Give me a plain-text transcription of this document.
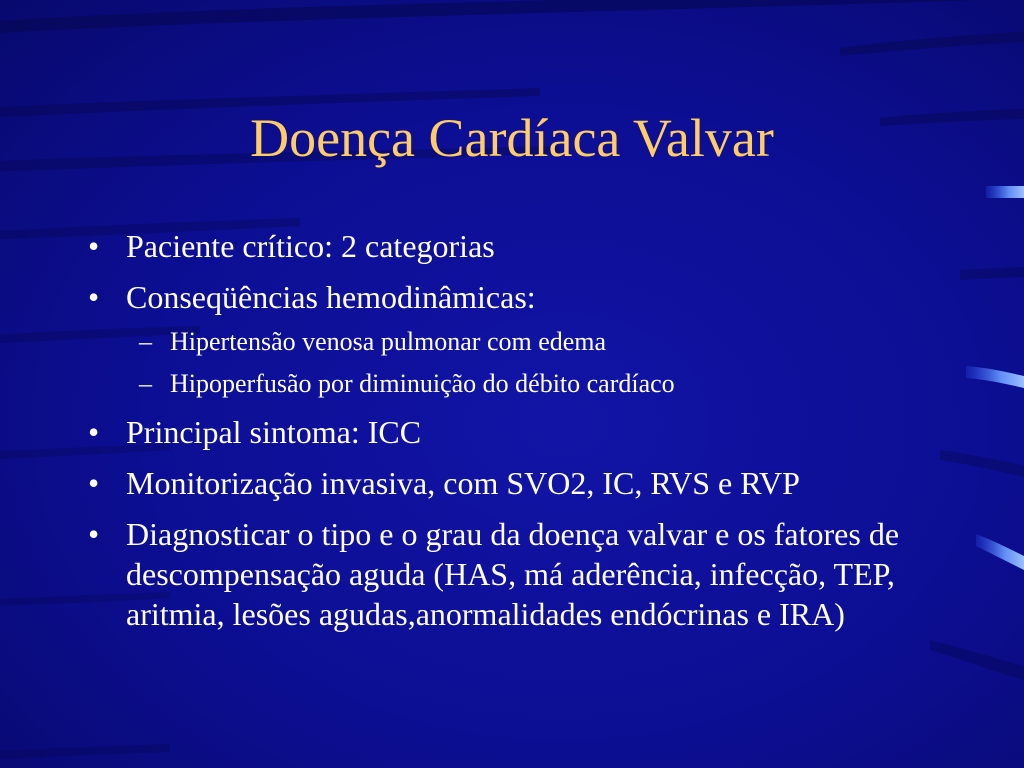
Doença Cardíaca Valvar
• Paciente crítico: 2 categorias
• Conseqüências hemodinâmicas:
– Hipertensão venosa pulmonar com edema
– Hipoperfusão por diminuição do débito cardíaco
• Principal sintoma: ICC
• Monitorização invasiva, com SVO2, IC, RVS e RVP
• Diagnosticar o tipo e o grau da doença valvar e os fatores de descompensação aguda (HAS, má aderência, infecção, TEP, aritmia, lesões agudas,anormalidades endócrinas e IRA)
